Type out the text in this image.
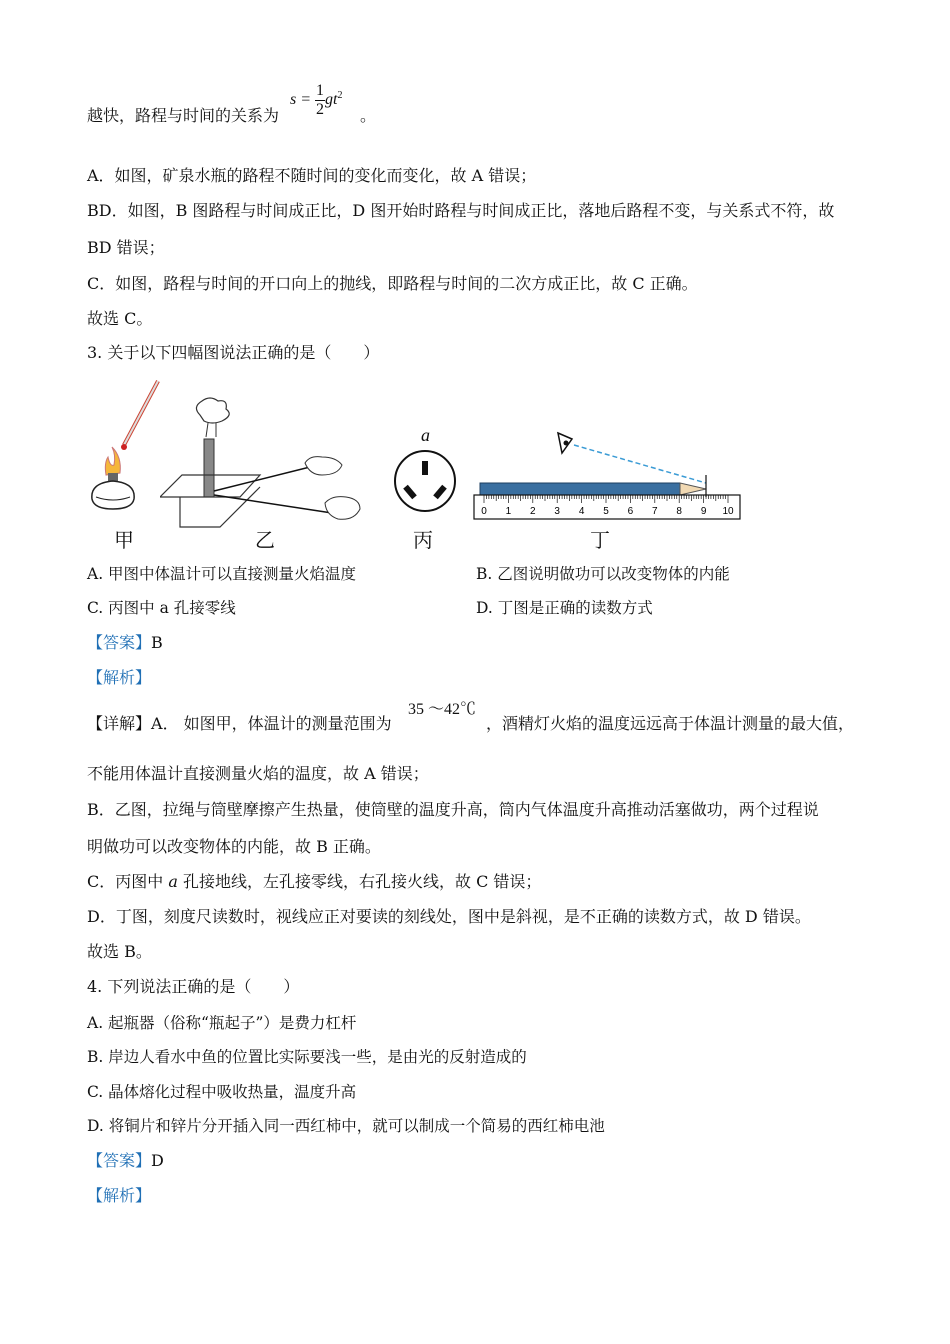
越快，路程与时间的关系为
$s = \frac{1}{2} gt^2$
。
A．如图，矿泉水瓶的路程不随时间的变化而变化，故 A 错误；
BD．如图，B 图路程与时间成正比，D 图开始时路程与时间成正比，落地后路程不变，与关系式不符，故
BD 错误；
C．如图，路程与时间的开口向上的抛线，即路程与时间的二次方成正比，故 C 正确。
故选 C。
3. 关于以下四幅图说法正确的是（　　）
甲	乙
a
丙
0 1 2 3 4 5 6 7 8 9 10
丁
A. 甲图中体温计可以直接测量火焰温度	B. 乙图说明做功可以改变物体的内能
C. 丙图中 a 孔接零线	D. 丁图是正确的读数方式
【答案】B
【解析】
【详解】A． 如图甲，体温计的测量范围为
35 ～42℃
，酒精灯火焰的温度远远高于体温计测量的最大值，
不能用体温计直接测量火焰的温度，故 A 错误；
B．乙图，拉绳与筒壁摩擦产生热量，使筒壁的温度升高，筒内气体温度升高推动活塞做功，两个过程说
明做功可以改变物体的内能，故 B 正确。
C．丙图中 a 孔接地线，左孔接零线，右孔接火线，故 C 错误；
D．丁图，刻度尺读数时，视线应正对要读的刻线处，图中是斜视，是不正确的读数方式，故 D 错误。
故选 B。
4. 下列说法正确的是（　　）
A. 起瓶器（俗称“瓶起子”）是费力杠杆
B. 岸边人看水中鱼的位置比实际要浅一些，是由光的反射造成的
C. 晶体熔化过程中吸收热量，温度升高
D. 将铜片和锌片分开插入同一西红柿中，就可以制成一个简易的西红柿电池
【答案】D
【解析】
